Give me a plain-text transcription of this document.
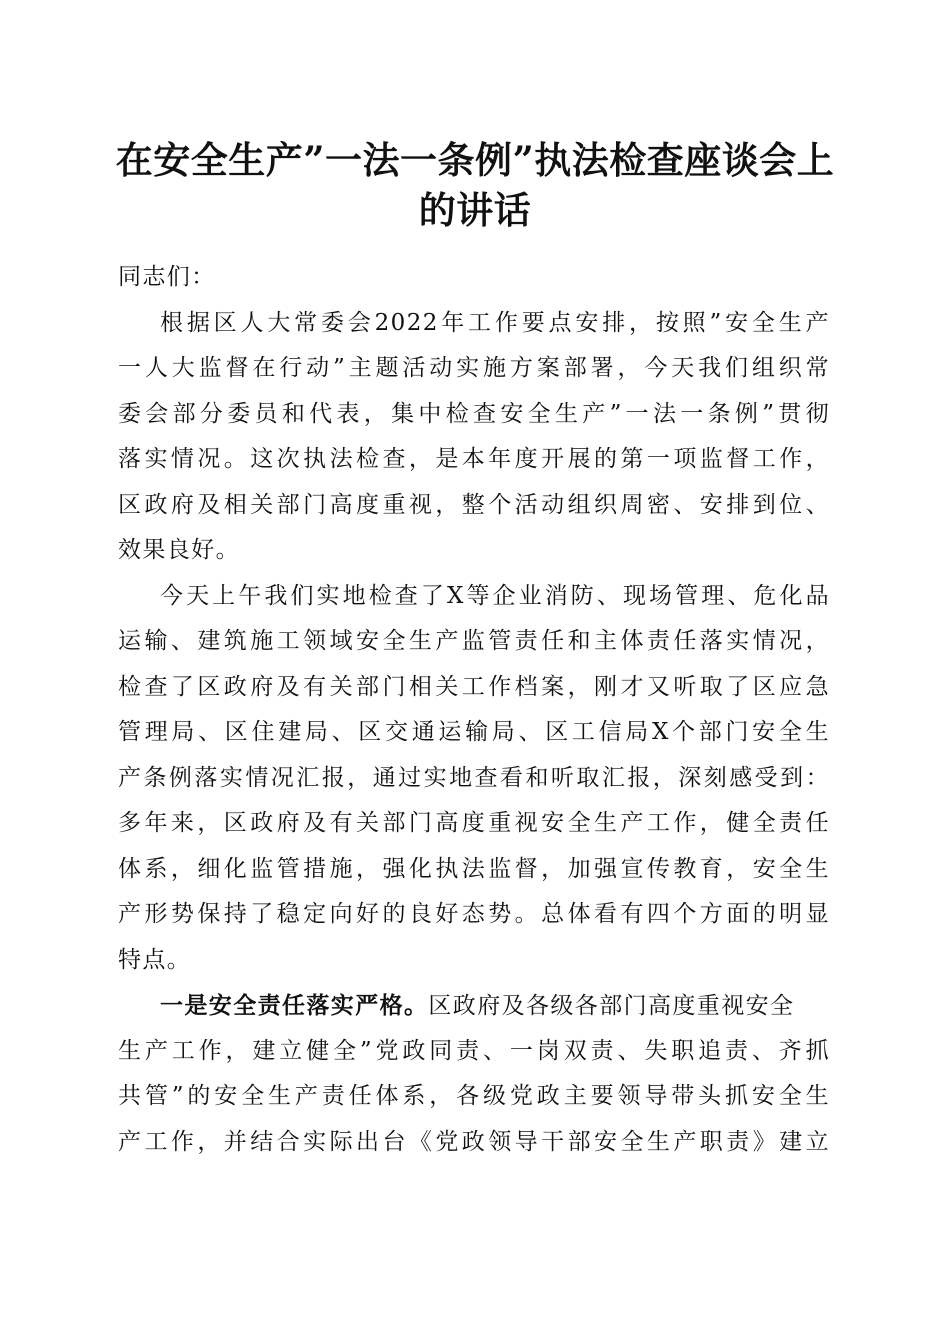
在安全生产”一法一条例”执法检查座谈会上
的讲话
同志们：
根据区人大常委会2022年工作要点安排，按照”安全生产
一人大监督在行动”主题活动实施方案部署，今天我们组织常
委会部分委员和代表，集中检查安全生产”一法一条例”贯彻
落实情况。这次执法检查，是本年度开展的第一项监督工作，
区政府及相关部门高度重视，整个活动组织周密、安排到位、
效果良好。
今天上午我们实地检查了X等企业消防、现场管理、危化品
运输、建筑施工领域安全生产监管责任和主体责任落实情况，
检查了区政府及有关部门相关工作档案，刚才又听取了区应急
管理局、区住建局、区交通运输局、区工信局X个部门安全生
产条例落实情况汇报，通过实地查看和听取汇报，深刻感受到：
多年来，区政府及有关部门高度重视安全生产工作，健全责任
体系，细化监管措施，强化执法监督，加强宣传教育，安全生
产形势保持了稳定向好的良好态势。总体看有四个方面的明显
特点。
一是安全责任落实严格。区政府及各级各部门高度重视安全
生产工作，建立健全”党政同责、一岗双责、失职追责、齐抓
共管”的安全生产责任体系，各级党政主要领导带头抓安全生
产工作，并结合实际出台《党政领导干部安全生产职责》建立
